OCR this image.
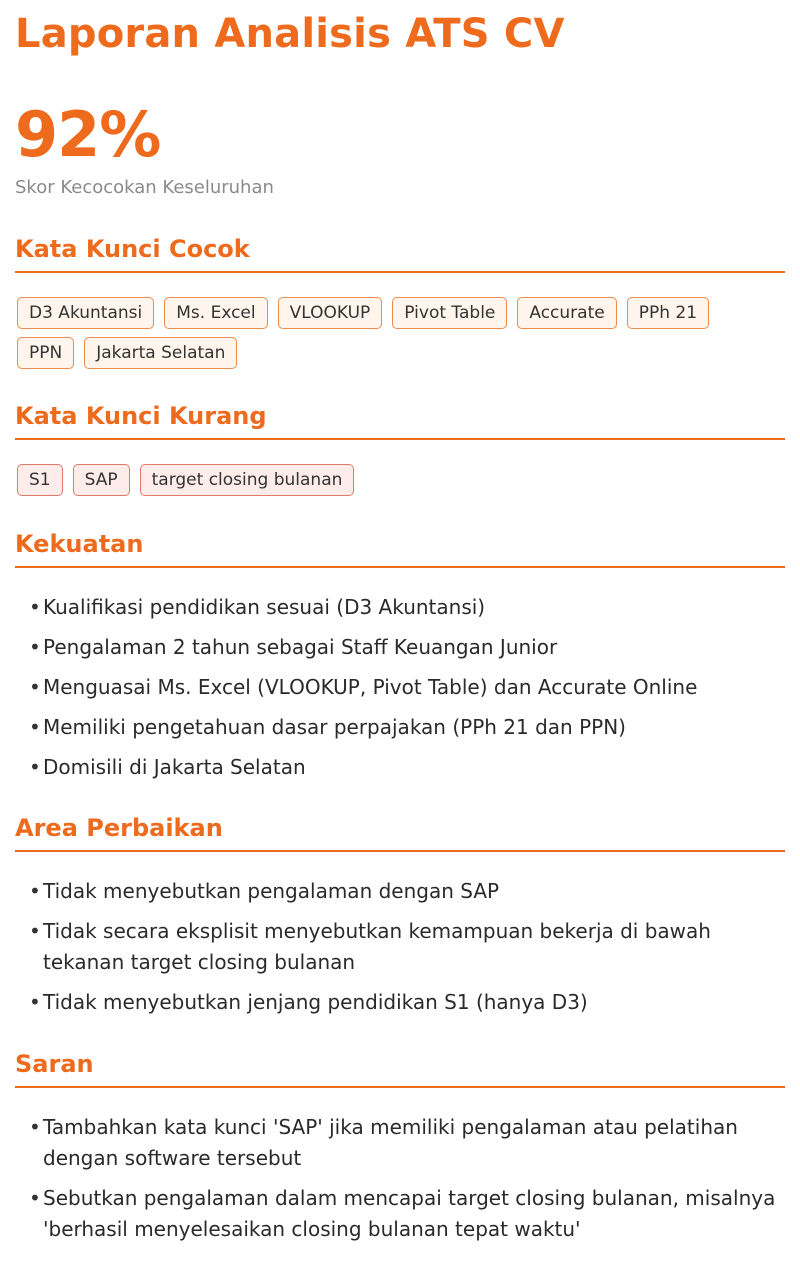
Laporan Analisis ATS CV
92%
Skor Kecocokan Keseluruhan
Kata Kunci Cocok
D3 Akuntansi	Ms. Excel	VLOOKUP	Pivot Table	Accurate	PPh 21
PPN	Jakarta Selatan
Kata Kunci Kurang
S1	SAP	target closing bulanan
Kekuatan
• Kualifikasi pendidikan sesuai (D3 Akuntansi)
• Pengalaman 2 tahun sebagai Staff Keuangan Junior
• Menguasai Ms. Excel (VLOOKUP, Pivot Table) dan Accurate Online
• Memiliki pengetahuan dasar perpajakan (PPh 21 dan PPN)
• Domisili di Jakarta Selatan
Area Perbaikan
• Tidak menyebutkan pengalaman dengan SAP
• Tidak secara eksplisit menyebutkan kemampuan bekerja di bawah tekanan target closing bulanan
• Tidak menyebutkan jenjang pendidikan S1 (hanya D3)
Saran
• Tambahkan kata kunci 'SAP' jika memiliki pengalaman atau pelatihan dengan software tersebut
• Sebutkan pengalaman dalam mencapai target closing bulanan, misalnya 'berhasil menyelesaikan closing bulanan tepat waktu'
